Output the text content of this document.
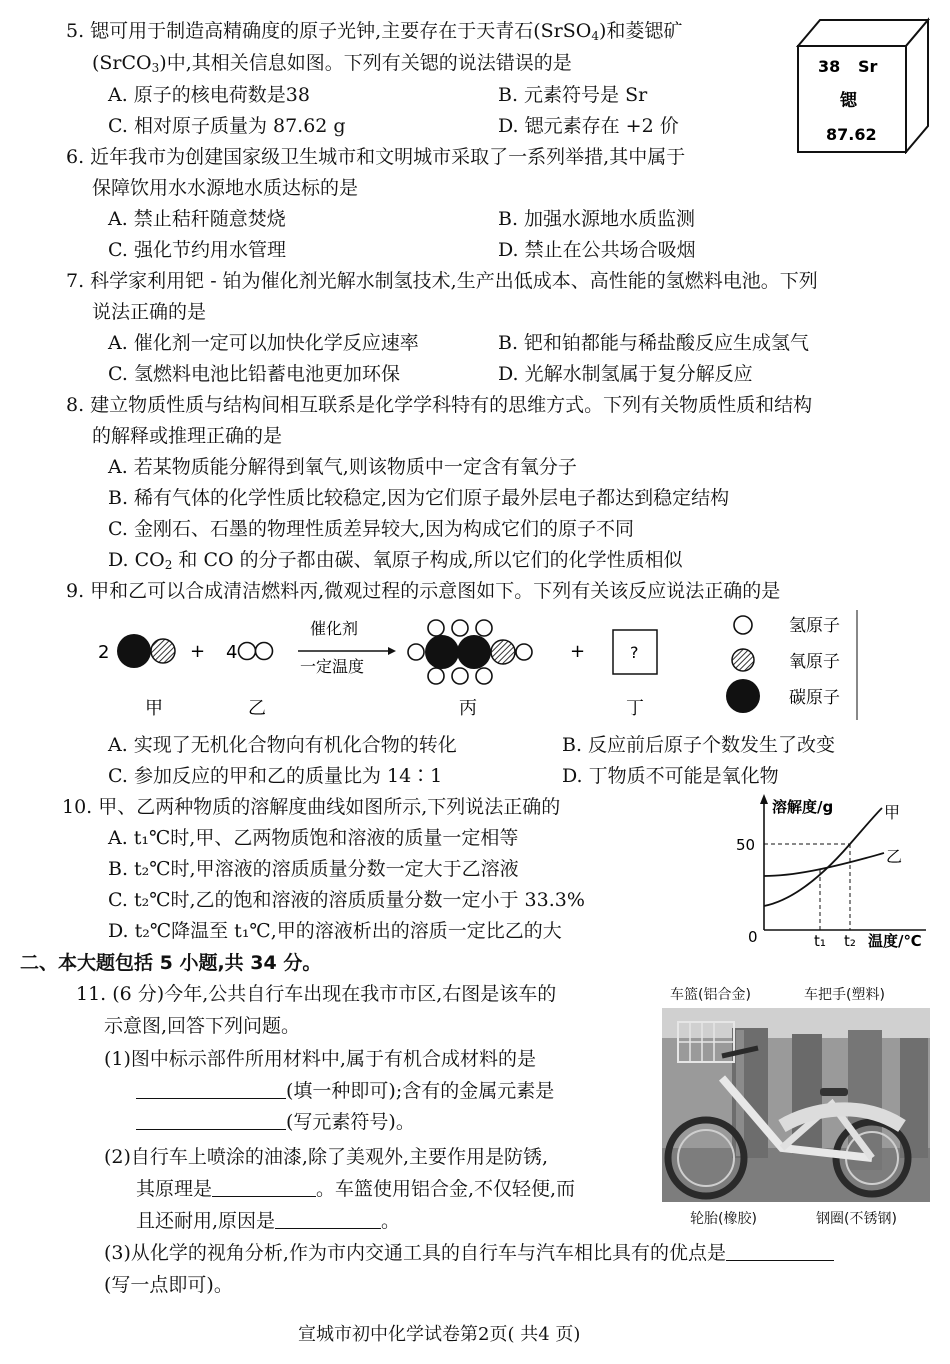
5. 锶可用于制造高精确度的原子光钟,主要存在于天青石(SrSO$_4$)和菱锶矿
(SrCO$_3$)中,其相关信息如图。下列有关锶的说法错误的是
A. 原子的核电荷数是38	B. 元素符号是 Sr
C. 相对原子质量为 87.62 g	D. 锶元素存在 +2 价
38 Sr
锶
87.62
6. 近年我市为创建国家级卫生城市和文明城市采取了一系列举措,其中属于
保障饮用水水源地水质达标的是
A. 禁止秸秆随意焚烧	B. 加强水源地水质监测
C. 强化节约用水管理	D. 禁止在公共场合吸烟
7. 科学家利用钯 - 铂为催化剂光解水制氢技术,生产出低成本、高性能的氢燃料电池。下列
说法正确的是
A. 催化剂一定可以加快化学反应速率	B. 钯和铂都能与稀盐酸反应生成氢气
C. 氢燃料电池比铅蓄电池更加环保	D. 光解水制氢属于复分解反应
8. 建立物质性质与结构间相互联系是化学学科特有的思维方式。下列有关物质性质和结构
的解释或推理正确的是
A. 若某物质能分解得到氧气,则该物质中一定含有氧分子
B. 稀有气体的化学性质比较稳定,因为它们原子最外层电子都达到稳定结构
C. 金刚石、石墨的物理性质差异较大,因为构成它们的原子不同
D. $CO_2$ 和 CO 的分子都由碳、氧原子构成,所以它们的化学性质相似
9. 甲和乙可以合成清洁燃料丙,微观过程的示意图如下。下列有关该反应说法正确的是
2	+ 4
催化剂
一定温度
+	?
甲	乙	丙	丁
氢原子
氧原子
碳原子
A. 实现了无机化合物向有机化合物的转化	B. 反应前后原子个数发生了改变
C. 参加反应的甲和乙的质量比为 14∶1	D. 丁物质不可能是氧化物
10. 甲、乙两种物质的溶解度曲线如图所示,下列说法正确的
A. t₁℃时,甲、乙两物质饱和溶液的质量一定相等
B. t₂℃时,甲溶液的溶质质量分数一定大于乙溶液
C. t₂℃时,乙的饱和溶液的溶质质量分数一定小于 33.3%
D. t₂℃降温至 t₁℃,甲的溶液析出的溶质一定比乙的大
溶解度/g
50
0
甲
乙
t₁ t₂ 温度/℃
二、本大题包括 5 小题,共 34 分。
11. (6 分)今年,公共自行车出现在我市市区,右图是该车的
示意图,回答下列问题。
(1)图中标示部件所用材料中,属于有机合成材料的是
(填一种即可);含有的金属元素是
(写元素符号)。
(2)自行车上喷涂的油漆,除了美观外,主要作用是防锈,
其原理是	。车篮使用铝合金,不仅轻便,而
且还耐用,原因是	。
(3)从化学的视角分析,作为市内交通工具的自行车与汽车相比具有的优点是
(写一点即可)。
车篮(铝合金)	车把手(塑料)
轮胎(橡胶)	钢圈(不锈钢)
宣城市初中化学试卷第2页( 共4 页)
